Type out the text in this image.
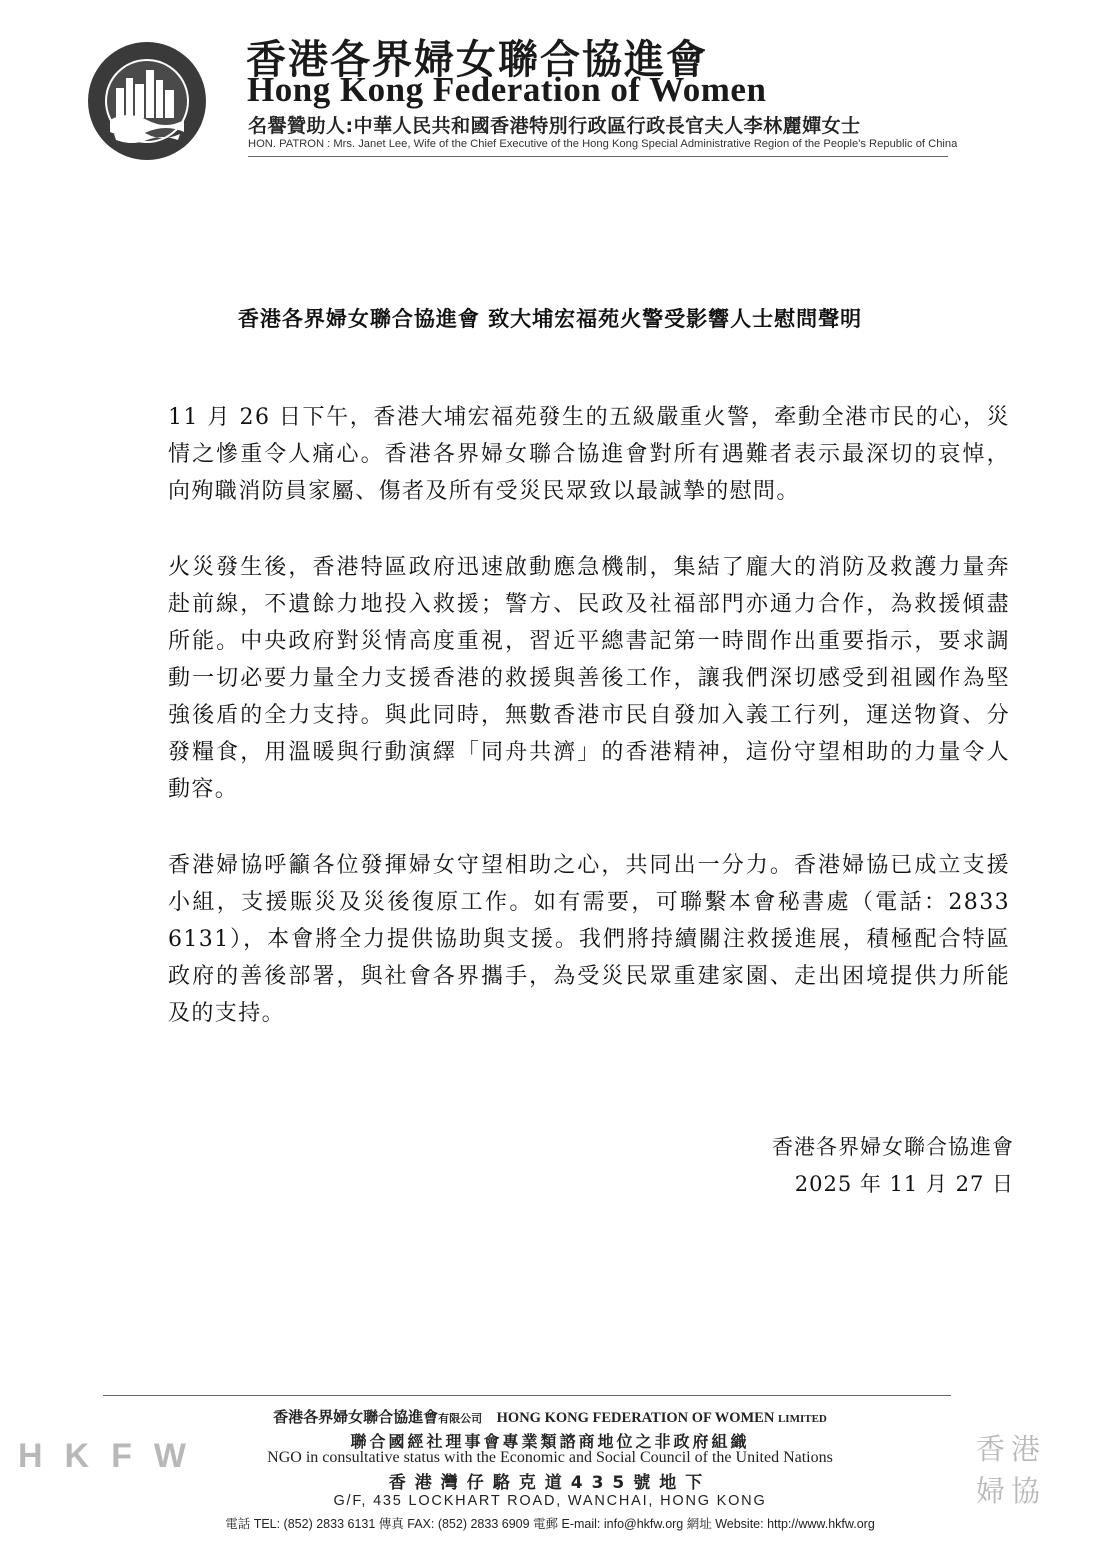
香港各界婦女聯合協進會
Hong Kong Federation of Women
名譽贊助人:中華人民共和國香港特別行政區行政長官夫人李林麗嬋女士
HON. PATRON : Mrs. Janet Lee, Wife of the Chief Executive of the Hong Kong Special Administrative Region of the People's Republic of China
香港各界婦女聯合協進會 致大埔宏福苑火警受影響人士慰問聲明
11 月 26 日下午，香港大埔宏福苑發生的五級嚴重火警，牽動全港市民的心，災情之慘重令人痛心。香港各界婦女聯合協進會對所有遇難者表示最深切的哀悼，向殉職消防員家屬、傷者及所有受災民眾致以最誠摯的慰問。
火災發生後，香港特區政府迅速啟動應急機制，集結了龐大的消防及救護力量奔赴前線，不遺餘力地投入救援；警方、民政及社福部門亦通力合作，為救援傾盡所能。中央政府對災情高度重視，習近平總書記第一時間作出重要指示，要求調動一切必要力量全力支援香港的救援與善後工作，讓我們深切感受到祖國作為堅強後盾的全力支持。與此同時，無數香港市民自發加入義工行列，運送物資、分發糧食，用溫暖與行動演繹「同舟共濟」的香港精神，這份守望相助的力量令人動容。
香港婦協呼籲各位發揮婦女守望相助之心，共同出一分力。香港婦協已成立支援小組，支援賑災及災後復原工作。如有需要，可聯繫本會秘書處（電話：2833 6131），本會將全力提供協助與支援。我們將持續關注救援進展，積極配合特區政府的善後部署，與社會各界攜手，為受災民眾重建家園、走出困境提供力所能及的支持。
香港各界婦女聯合協進會
2025 年 11 月 27 日
香港各界婦女聯合協進會有限公司 HONG KONG FEDERATION OF WOMEN LIMITED
聯合國經社理事會專業類諮商地位之非政府組織
NGO in consultative status with the Economic and Social Council of the United Nations
香港灣仔駱克道435號地下
G/F, 435 LOCKHART ROAD, WANCHAI, HONG KONG
電話 TEL: (852) 2833 6131 傳真 FAX: (852) 2833 6909 電郵 E-mail: info@hkfw.org 網址 Website: http://www.hkfw.org
HKFW	香港婦協
